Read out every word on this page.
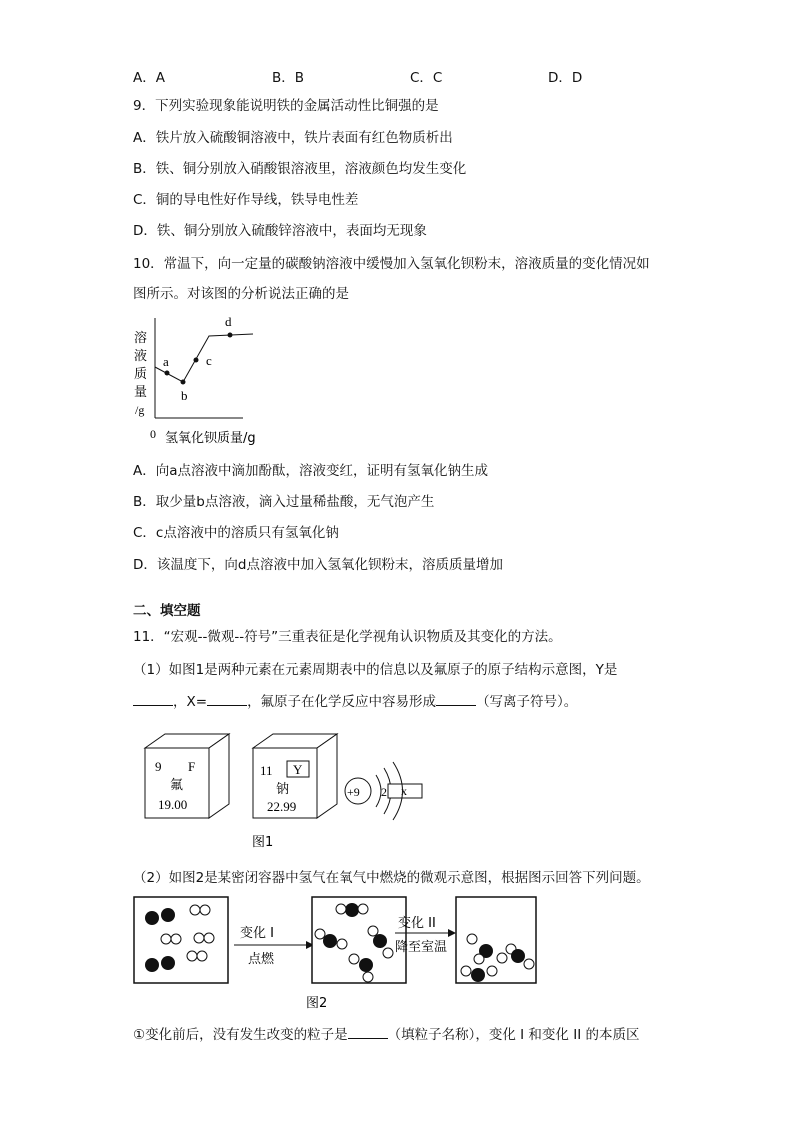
A．A	B．B	C．C	D．D
9．下列实验现象能说明铁的金属活动性比铜强的是
A．铁片放入硫酸铜溶液中，铁片表面有红色物质析出
B．铁、铜分别放入硝酸银溶液里，溶液颜色均发生变化
C．铜的导电性好作导线，铁导电性差
D．铁、铜分别放入硫酸锌溶液中，表面均无现象
10．常温下，向一定量的碳酸钠溶液中缓慢加入氢氧化钡粉末，溶液质量的变化情况如
图所示。对该图的分析说法正确的是
溶
液
质
量
/g
0 氢氧化钡质量/g
a
b
c
d
A．向a点溶液中滴加酚酞，溶液变红，证明有氢氧化钠生成
B．取少量b点溶液，滴入过量稀盐酸，无气泡产生
C．c点溶液中的溶质只有氢氧化钠
D．该温度下，向d点溶液中加入氢氧化钡粉末，溶质质量增加
二、填空题
11．“宏观--微观--符号”三重表征是化学视角认识物质及其变化的方法。
（1）如图1是两种元素在元素周期表中的信息以及氟原子的原子结构示意图，Y是
，X=	，氟原子在化学反应中容易形成	（写离子符号）。
9 F
氟
19.00
11 Y
钠
22.99
+9 2 x
图1
（2）如图2是某密闭容器中氢气在氧气中燃烧的微观示意图，根据图示回答下列问题。
变化 I
点燃
变化 II
降至室温
图2
①变化前后，没有发生改变的粒子是	（填粒子名称），变化 I 和变化 II 的本质区
